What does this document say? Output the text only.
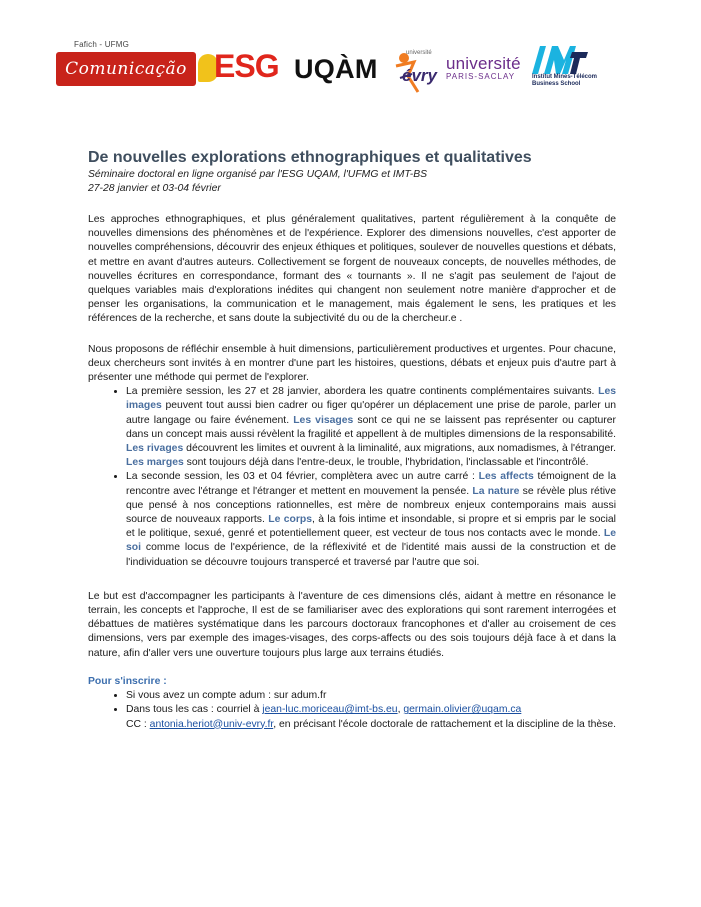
Fafich - UFMG
Comunicação ESG UQÀM
université
évry
université
PARIS-SACLAY	Institut Mines-Télécom
Business School
De nouvelles explorations ethnographiques et qualitatives
Séminaire doctoral en ligne organisé par l'ESG UQAM, l'UFMG et IMT-BS
27-28 janvier et 03-04 février

Les approches ethnographiques, et plus généralement qualitatives, partent régulièrement à la conquête de nouvelles dimensions des phénomènes et de l'expérience. Explorer des dimensions nouvelles, c'est apporter de nouvelles compréhensions, découvrir des enjeux éthiques et politiques, soulever de nouvelles questions et débats, et mettre en avant d'autres auteurs. Collectivement se forgent de nouveaux concepts, de nouvelles méthodes, de nouvelles écritures en correspondance, formant des « tournants ». Il ne s'agit pas seulement de l'ajout de quelques variables mais d'explorations inédites qui changent non seulement notre manière d'approcher et de penser les organisations, la communication et le management, mais également le sens, les pratiques et les références de la recherche, et sans doute la subjectivité du ou de la chercheur.e .

Nous proposons de réfléchir ensemble à huit dimensions, particulièrement productives et urgentes. Pour chacune, deux chercheurs sont invités à en montrer d'une part les histoires, questions, débats et enjeux puis d'autre part à présenter une méthode qui permet de l'explorer.

• La première session, les 27 et 28 janvier, abordera les quatre continents complémentaires suivants. Les images peuvent tout aussi bien cadrer ou figer qu'opérer un déplacement une prise de parole, parler un autre langage ou faire événement. Les visages sont ce qui ne se laissent pas représenter ou capturer dans un concept mais aussi révèlent la fragilité et appellent à de multiples dimensions de la responsabilité. Les rivages découvrent les limites et ouvrent à la liminalité, aux migrations, aux nomadismes, à l'étranger. Les marges sont toujours déjà dans l'entre-deux, le trouble, l'hybridation, l'inclassable et l'incontrôlé.
• La seconde session, les 03 et 04 février, complètera avec un autre carré : Les affects témoignent de la rencontre avec l'étrange et l'étranger et mettent en mouvement la pensée. La nature se révèle plus rétive que pensé à nos conceptions rationnelles, est mère de nombreux enjeux contemporains mais aussi source de nouveaux rapports. Le corps, à la fois intime et insondable, si propre et si empris par le social et le politique, sexué, genré et potentiellement queer, est vecteur de tous nos contacts avec le monde. Le soi comme locus de l'expérience, de la réflexivité et de l'identité mais aussi de la construction et de l'individuation se découvre toujours transpercé et traversé par l'autre que soi.

Le but est d'accompagner les participants à l'aventure de ces dimensions clés, aidant à mettre en résonance le terrain, les concepts et l'approche, Il est de se familiariser avec des explorations qui sont rarement interrogées et débattues de matières systématique dans les parcours doctoraux francophones et d'aller au croisement de ces dimensions, vers par exemple des images-visages, des corps-affects ou des sois toujours déjà face à et dans la nature, afin d'aller vers une ouverture toujours plus large aux terrains étudiés.

Pour s'inscrire :
• Si vous avez un compte adum : sur adum.fr
• Dans tous les cas : courriel à jean-luc.moriceau@imt-bs.eu, germain.olivier@uqam.ca
CC : antonia.heriot@univ-evry.fr, en précisant l'école doctorale de rattachement et la discipline de la thèse.
